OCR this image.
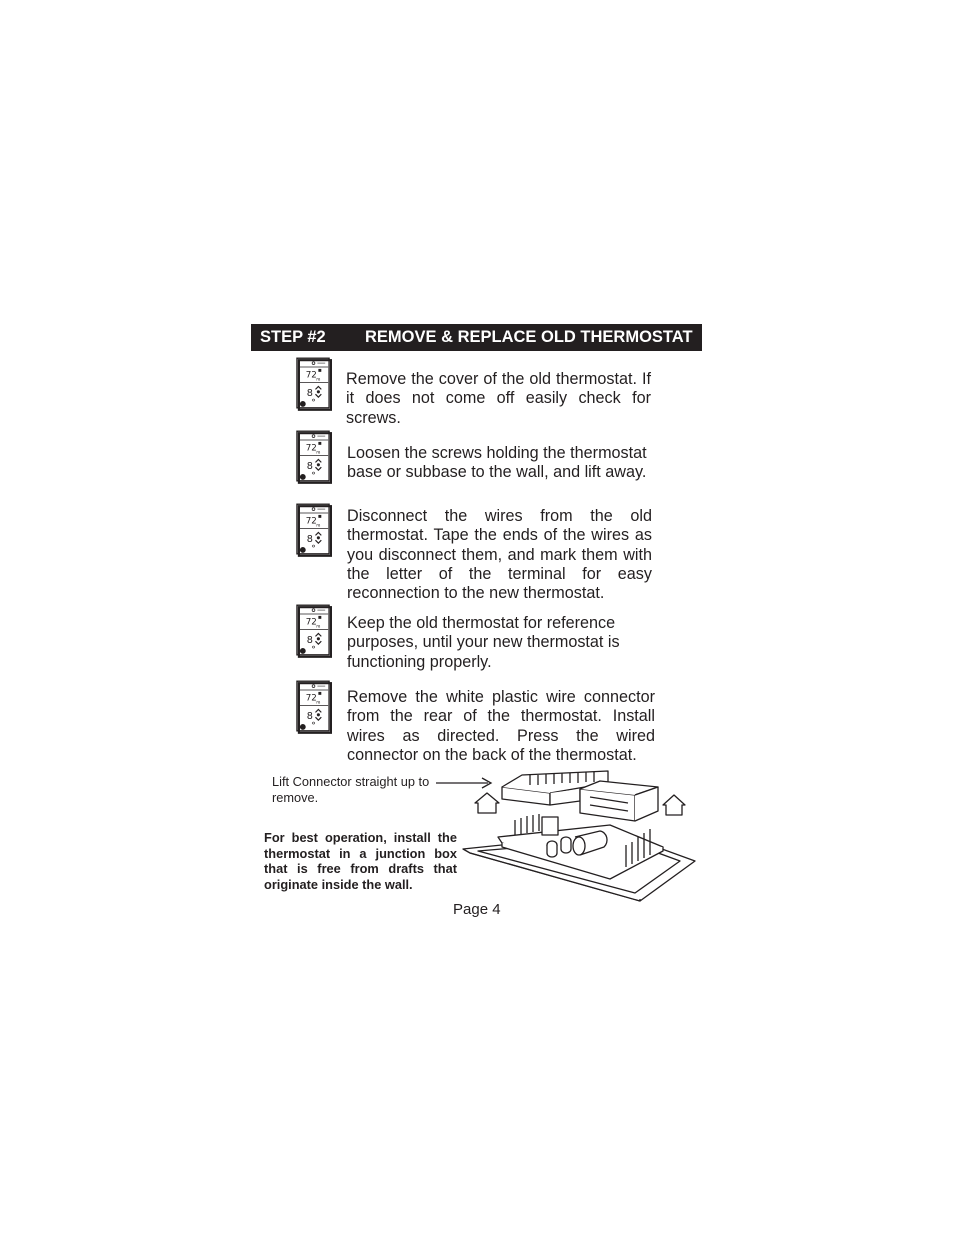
STEP #2 REMOVE & REPLACE OLD THERMOSTAT
Remove the cover of the old thermostat. If it does not come off easily check for screws.
Loosen the screws holding the thermostat base or subbase to the wall, and lift away.
Disconnect the wires from the old thermostat. Tape the ends of the wires as you disconnect them, and mark them with the letter of the terminal for easy reconnection to the new thermostat.
Keep the old thermostat for reference purposes, until your new thermostat is functioning properly.
Remove the white plastic wire connector from the rear of the thermostat. Install wires as directed. Press the wired connector on the back of the thermostat.
Lift Connector straight up to remove.
For best operation, install the thermostat in a junction box that is free from drafts that originate inside the wall.
Page 4
